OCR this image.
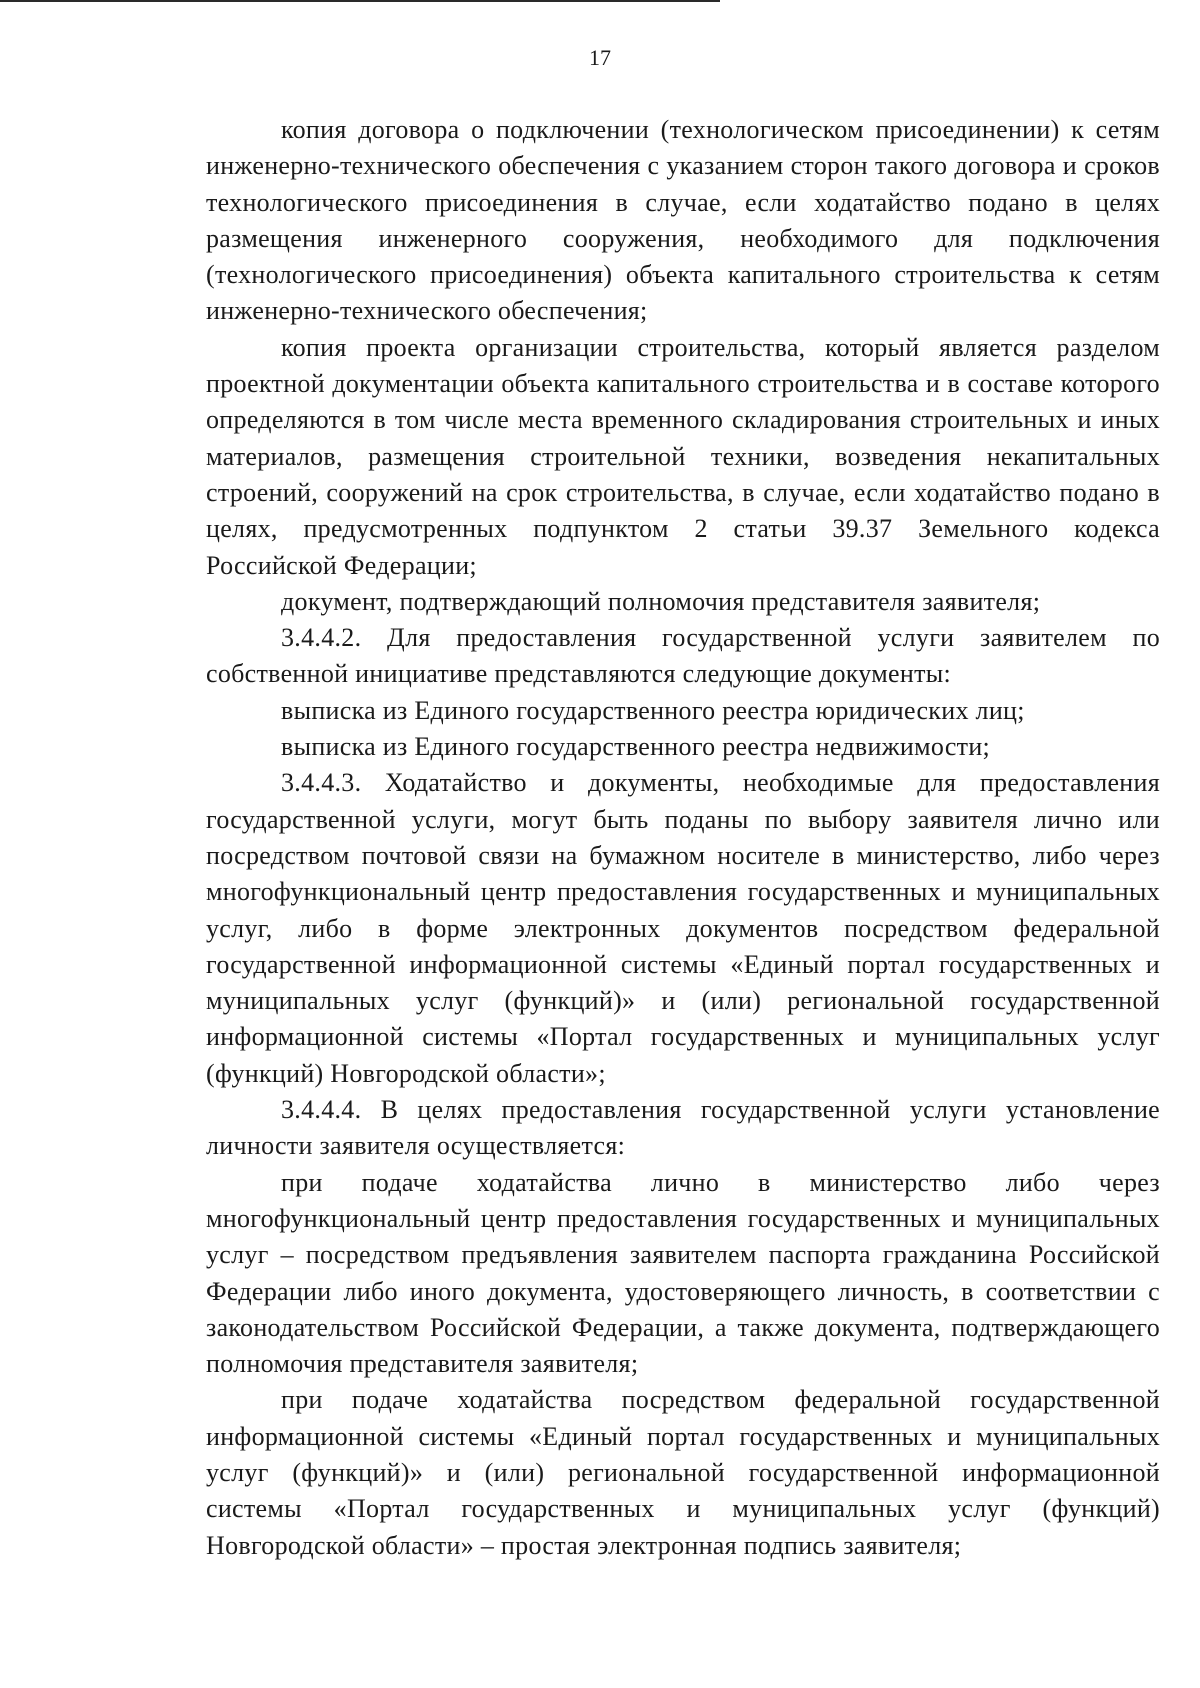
17

копия договора о подключении (технологическом присоединении) к сетям инженерно-технического обеспечения с указанием сторон такого договора и сроков технологического присоединения в случае, если ходатайство подано в целях размещения инженерного сооружения, необходимого для подключения (технологического присоединения) объекта капитального строительства к сетям инженерно-технического обеспечения;

копия проекта организации строительства, который является разделом проектной документации объекта капитального строительства и в составе которого определяются в том числе места временного складирования строительных и иных материалов, размещения строительной техники, возведения некапитальных строений, сооружений на срок строительства, в случае, если ходатайство подано в целях, предусмотренных подпунктом 2 статьи 39.37 Земельного кодекса Российской Федерации;

документ, подтверждающий полномочия представителя заявителя;

3.4.4.2. Для предоставления государственной услуги заявителем по собственной инициативе представляются следующие документы:

выписка из Единого государственного реестра юридических лиц;

выписка из Единого государственного реестра недвижимости;

3.4.4.3. Ходатайство и документы, необходимые для предоставления государственной услуги, могут быть поданы по выбору заявителя лично или посредством почтовой связи на бумажном носителе в министерство, либо через многофункциональный центр предоставления государственных и муниципальных услуг, либо в форме электронных документов посредством федеральной государственной информационной системы «Единый портал государственных и муниципальных услуг (функций)» и (или) региональной государственной информационной системы «Портал государственных и муниципальных услуг (функций) Новгородской области»;

3.4.4.4. В целях предоставления государственной услуги установление личности заявителя осуществляется:

при подаче ходатайства лично в министерство либо через многофункциональный центр предоставления государственных и муниципальных услуг – посредством предъявления заявителем паспорта гражданина Российской Федерации либо иного документа, удостоверяющего личность, в соответствии с законодательством Российской Федерации, а также документа, подтверждающего полномочия представителя заявителя;

при подаче ходатайства посредством федеральной государственной информационной системы «Единый портал государственных и муниципальных услуг (функций)» и (или) региональной государственной информационной системы «Портал государственных и муниципальных услуг (функций) Новгородской области» – простая электронная подпись заявителя;
